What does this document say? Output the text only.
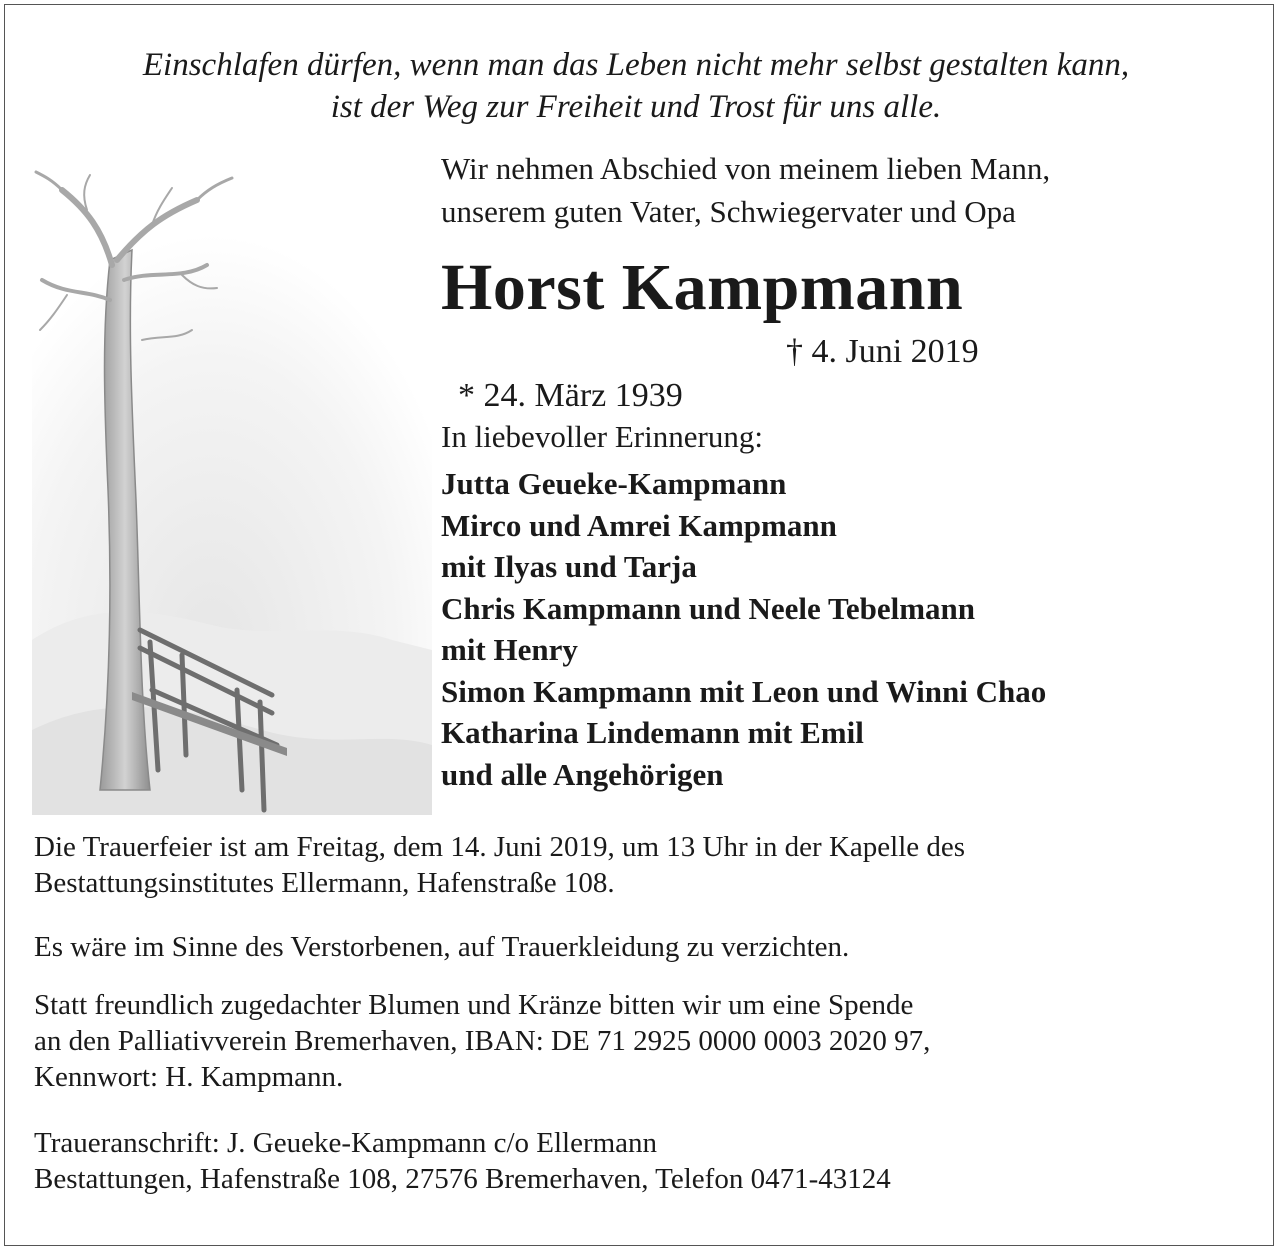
Einschlafen dürfen, wenn man das Leben nicht mehr selbst gestalten kann,
ist der Weg zur Freiheit und Trost für uns alle.
Wir nehmen Abschied von meinem lieben Mann,
unserem guten Vater, Schwiegervater und Opa
Horst Kampmann

* 24. März 1939

† 4. Juni 2019

In liebevoller Erinnerung:
Jutta Geueke-Kampmann
Mirco und Amrei Kampmann
mit Ilyas und Tarja
Chris Kampmann und Neele Tebelmann
mit Henry
Simon Kampmann mit Leon und Winni Chao
Katharina Lindemann mit Emil
und alle Angehörigen
Die Trauerfeier ist am Freitag, dem 14. Juni 2019, um 13 Uhr in der Kapelle des
Bestattungsinstitutes Ellermann, Hafenstraße 108.
Es wäre im Sinne des Verstorbenen, auf Trauerkleidung zu verzichten.
Statt freundlich zugedachter Blumen und Kränze bitten wir um eine Spende
an den Palliativverein Bremerhaven, IBAN: DE 71 2925 0000 0003 2020 97,
Kennwort: H. Kampmann.
Traueranschrift: J. Geueke-Kampmann c/o Ellermann
Bestattungen, Hafenstraße 108, 27576 Bremerhaven, Telefon 0471-43124
